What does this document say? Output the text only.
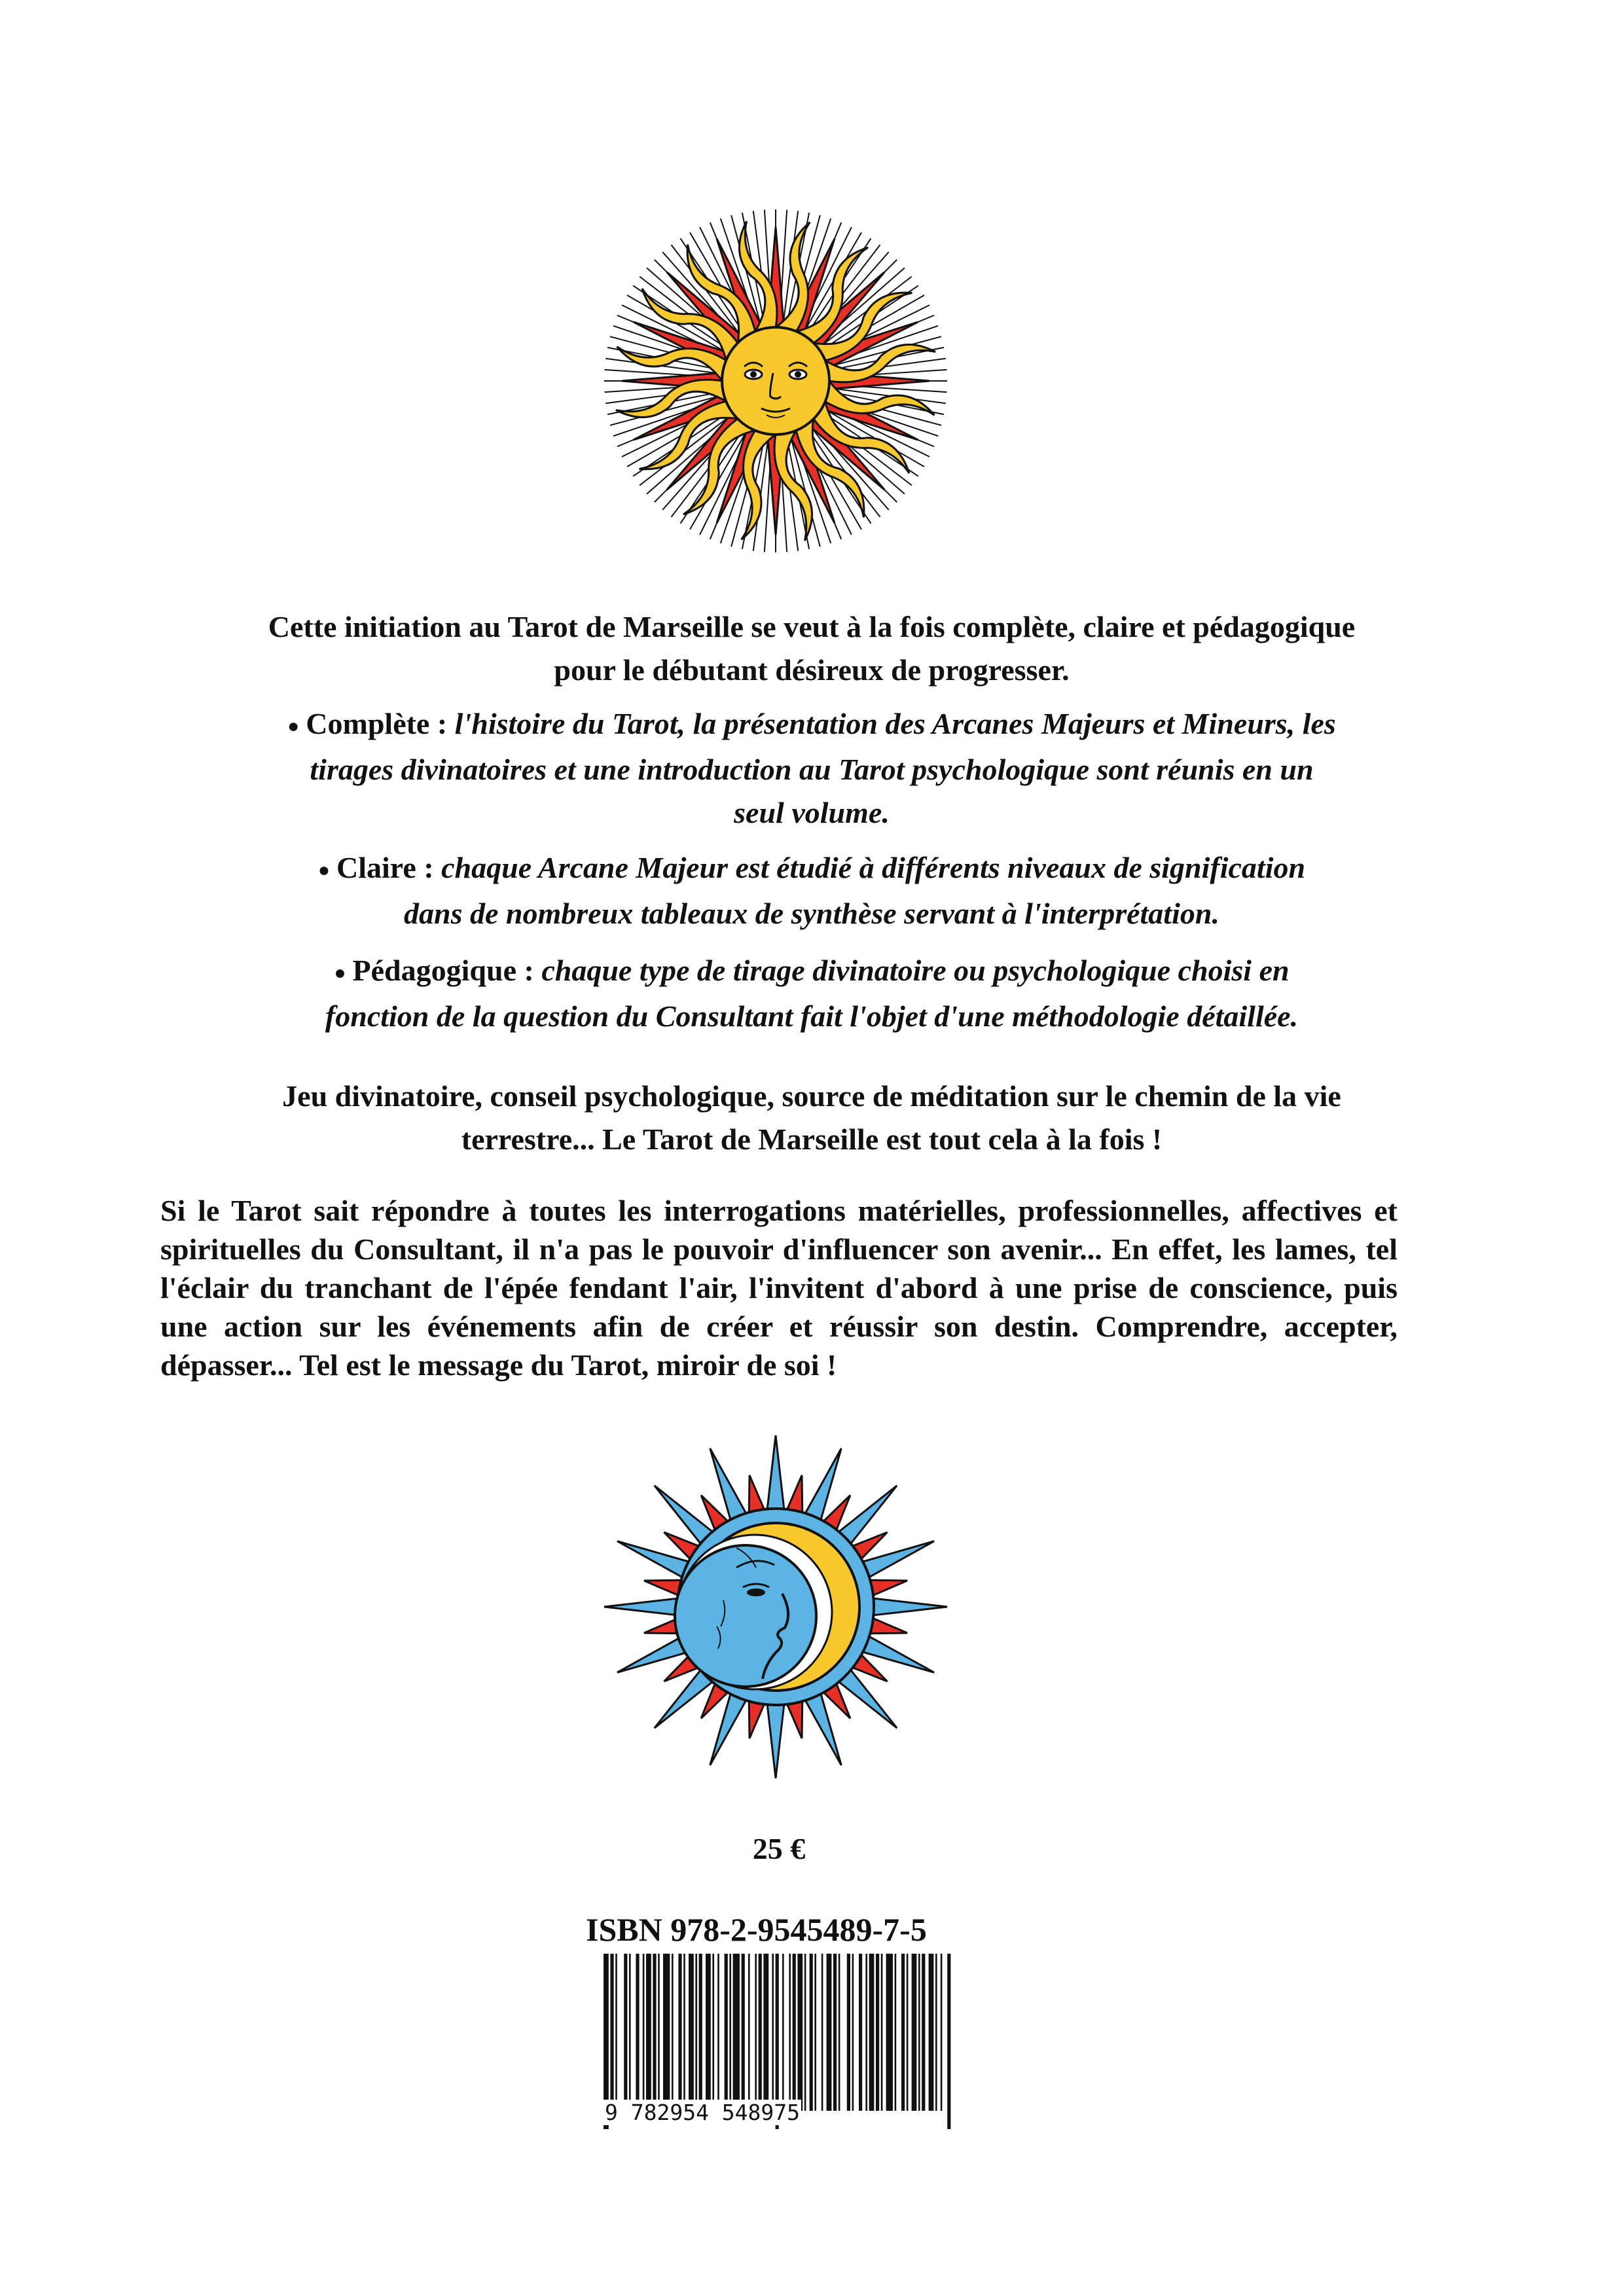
Cette initiation au Tarot de Marseille se veut à la fois complète, claire et pédagogique
pour le débutant désireux de progresser.
● Complète : l'histoire du Tarot, la présentation des Arcanes Majeurs et Mineurs, les
tirages divinatoires et une introduction au Tarot psychologique sont réunis en un
seul volume.
● Claire : chaque Arcane Majeur est étudié à différents niveaux de signification
dans de nombreux tableaux de synthèse servant à l'interprétation.
● Pédagogique : chaque type de tirage divinatoire ou psychologique choisi en
fonction de la question du Consultant fait l'objet d'une méthodologie détaillée.
Jeu divinatoire, conseil psychologique, source de méditation sur le chemin de la vie
terrestre... Le Tarot de Marseille est tout cela à la fois !
Si le Tarot sait répondre à toutes les interrogations matérielles, professionnelles, affectives et spirituelles du Consultant, il n'a pas le pouvoir d'influencer son avenir... En effet, les lames, tel l'éclair du tranchant de l'épée fendant l'air, l'invitent d'abord à une prise de conscience, puis une action sur les événements afin de créer et réussir son destin. Comprendre, accepter, dépasser... Tel est le message du Tarot, miroir de soi !
25 €
ISBN 978-2-9545489-7-5
9 782954 548975
